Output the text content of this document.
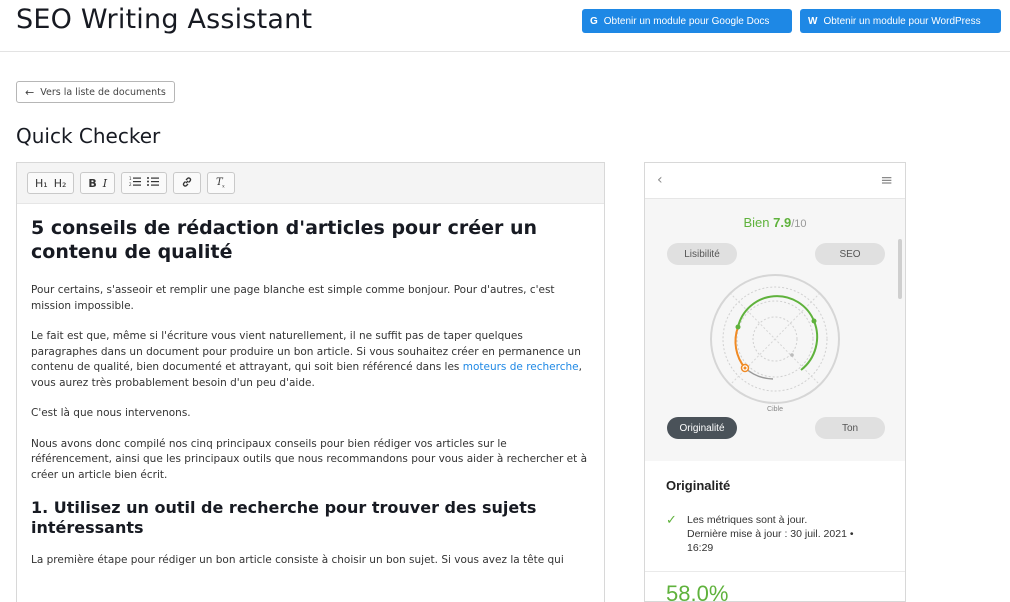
SEO Writing Assistant	G Obtenir un module pour Google Docs	W Obtenir un module pour WordPress
← Vers la liste de documents
Quick Checker
H₁ H₂ B I	1
2	T x
5 conseils de rédaction d'articles pour créer un contenu de qualité

Pour certains, s'asseoir et remplir une page blanche est simple comme bonjour. Pour d'autres, c'est mission impossible.

Le fait est que, même si l'écriture vous vient naturellement, il ne suffit pas de taper quelques paragraphes dans un document pour produire un bon article. Si vous souhaitez créer en permanence un contenu de qualité, bien documenté et attrayant, qui soit bien référencé dans les moteurs de recherche, vous aurez très probablement besoin d'un peu d'aide.

C'est là que nous intervenons.

Nous avons donc compilé nos cinq principaux conseils pour bien rédiger vos articles sur le référencement, ainsi que les principaux outils que nous recommandons pour vous aider à rechercher et à créer un article bien écrit.

1. Utilisez un outil de recherche pour trouver des sujets intéressants

La première étape pour rédiger un bon article consiste à choisir un bon sujet. Si vous avez la tête qui

‹	≡
Bien 7.9/10
Lisibilité	SEO
Cible
Originalité	Ton
Originalité
✓ Les métriques sont à jour.
Dernière mise à jour : 30 juil. 2021 •
16:29
58.0%
